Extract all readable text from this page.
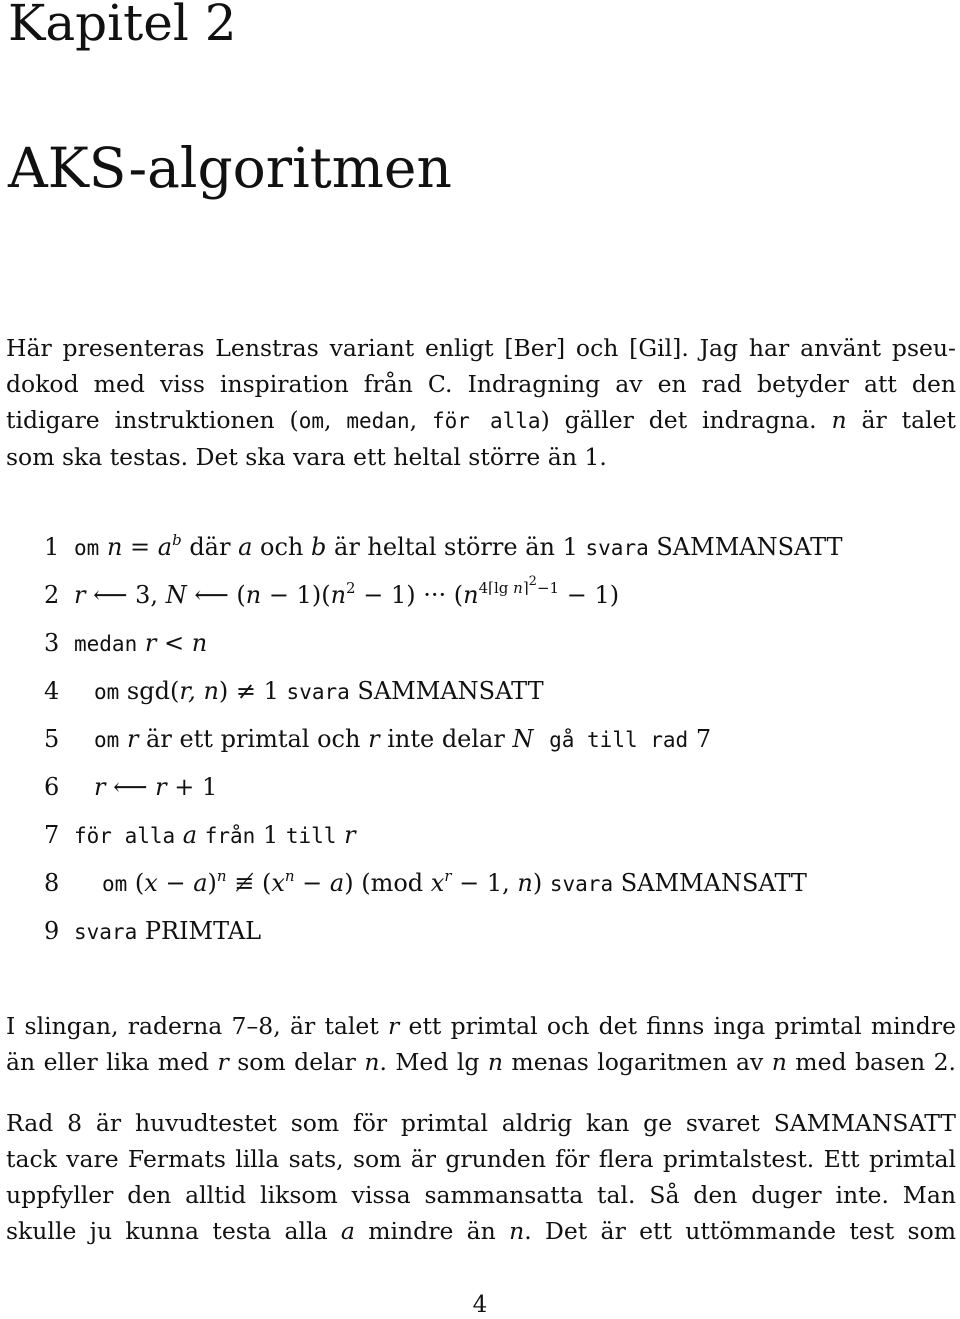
Kapitel 2
AKS-algoritmen
Här presenteras Lenstras variant enligt [Ber] och [Gil]. Jag har använt pseu-
dokod med viss inspiration från C. Indragning av en rad betyder att den
tidigare instruktionen (om, medan, för alla) gäller det indragna. n är talet
som ska testas. Det ska vara ett heltal större än 1.
1 om $n = a^b$ där a och b är heltal större än 1 svara SAMMANSATT
2 r ⟵ 3, N ⟵ $(n - 1)(n^2 - 1)$ ··· $(n^{4⌈lg n⌉^2-1} - 1)$
3 medan r < n
4 om sgd(r, n) ≠ 1 svara SAMMANSATT
5 om r är ett primtal och r inte delar N gå till rad 7
6 r ⟵ r + 1
7 för alla a från 1 till r
8 om $(x - a)^n$ ≢ $(x^n - a)$ (mod $x^r - 1$, n) svara SAMMANSATT
9 svara PRIMTAL
I slingan, raderna 7–8, är talet r ett primtal och det finns inga primtal mindre
än eller lika med r som delar n. Med lg n menas logaritmen av n med basen 2.
Rad 8 är huvudtestet som för primtal aldrig kan ge svaret SAMMANSATT
tack vare Fermats lilla sats, som är grunden för flera primtalstest. Ett primtal
uppfyller den alltid liksom vissa sammansatta tal. Så den duger inte. Man
skulle ju kunna testa alla a mindre än n. Det är ett uttömmande test som
4
